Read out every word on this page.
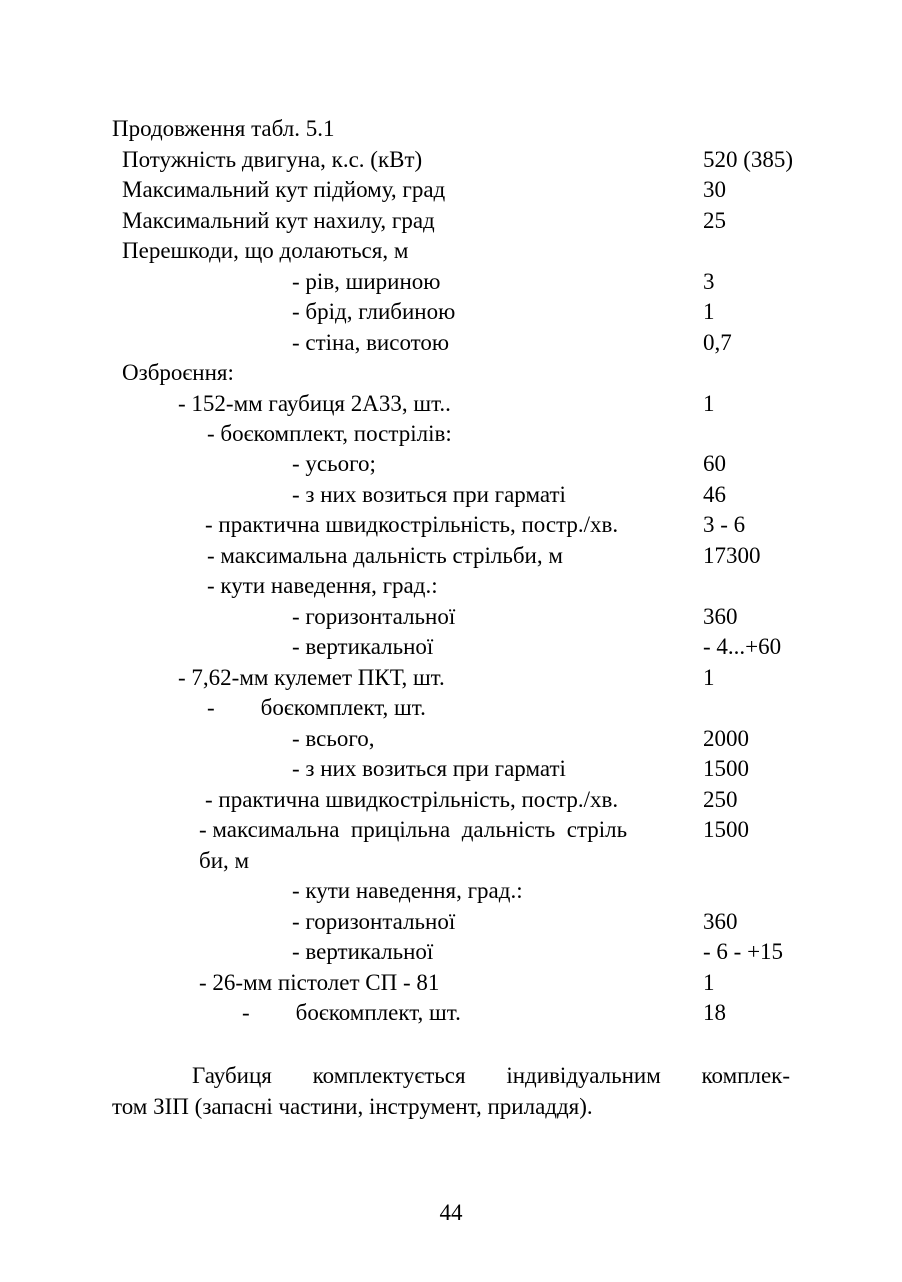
Продовження табл. 5.1
Потужність двигуна, к.с. (кВт)	520 (385)
Максимальний кут підйому, град	30
Максимальний кут нахилу, град	25
Перешкоди, що долаються, м
- рів, шириною	3
- брід, глибиною	1
- стіна, висотою	0,7
Озброєння:
- 152-мм гаубиця 2А33, шт..	1
- боєкомплект, пострілів:
- усього;	60
- з них возиться при гарматі	46
- практична швидкострільність, постр./хв.	3 - 6
- максимальна дальність стрільби, м	17300
- кути наведення, град.:
- горизонтальної	360
- вертикальної	- 4...+60
- 7,62-мм кулемет ПКТ, шт.	1
-        боєкомплект, шт.
- всього,	2000
- з них возиться при гарматі	1500
- практична швидкострільність, постр./хв.	250
- максимальна  прицільна  дальність  стріль	1500
би, м
- кути наведення, град.:
- горизонтальної	360
- вертикальної	- 6 - +15
- 26-мм пістолет СП - 81	1
-        боєкомплект, шт.	18
Гаубиця  комплектується  індивідуальним  комплек-
том ЗІП (запасні частини, інструмент, приладдя).
44
